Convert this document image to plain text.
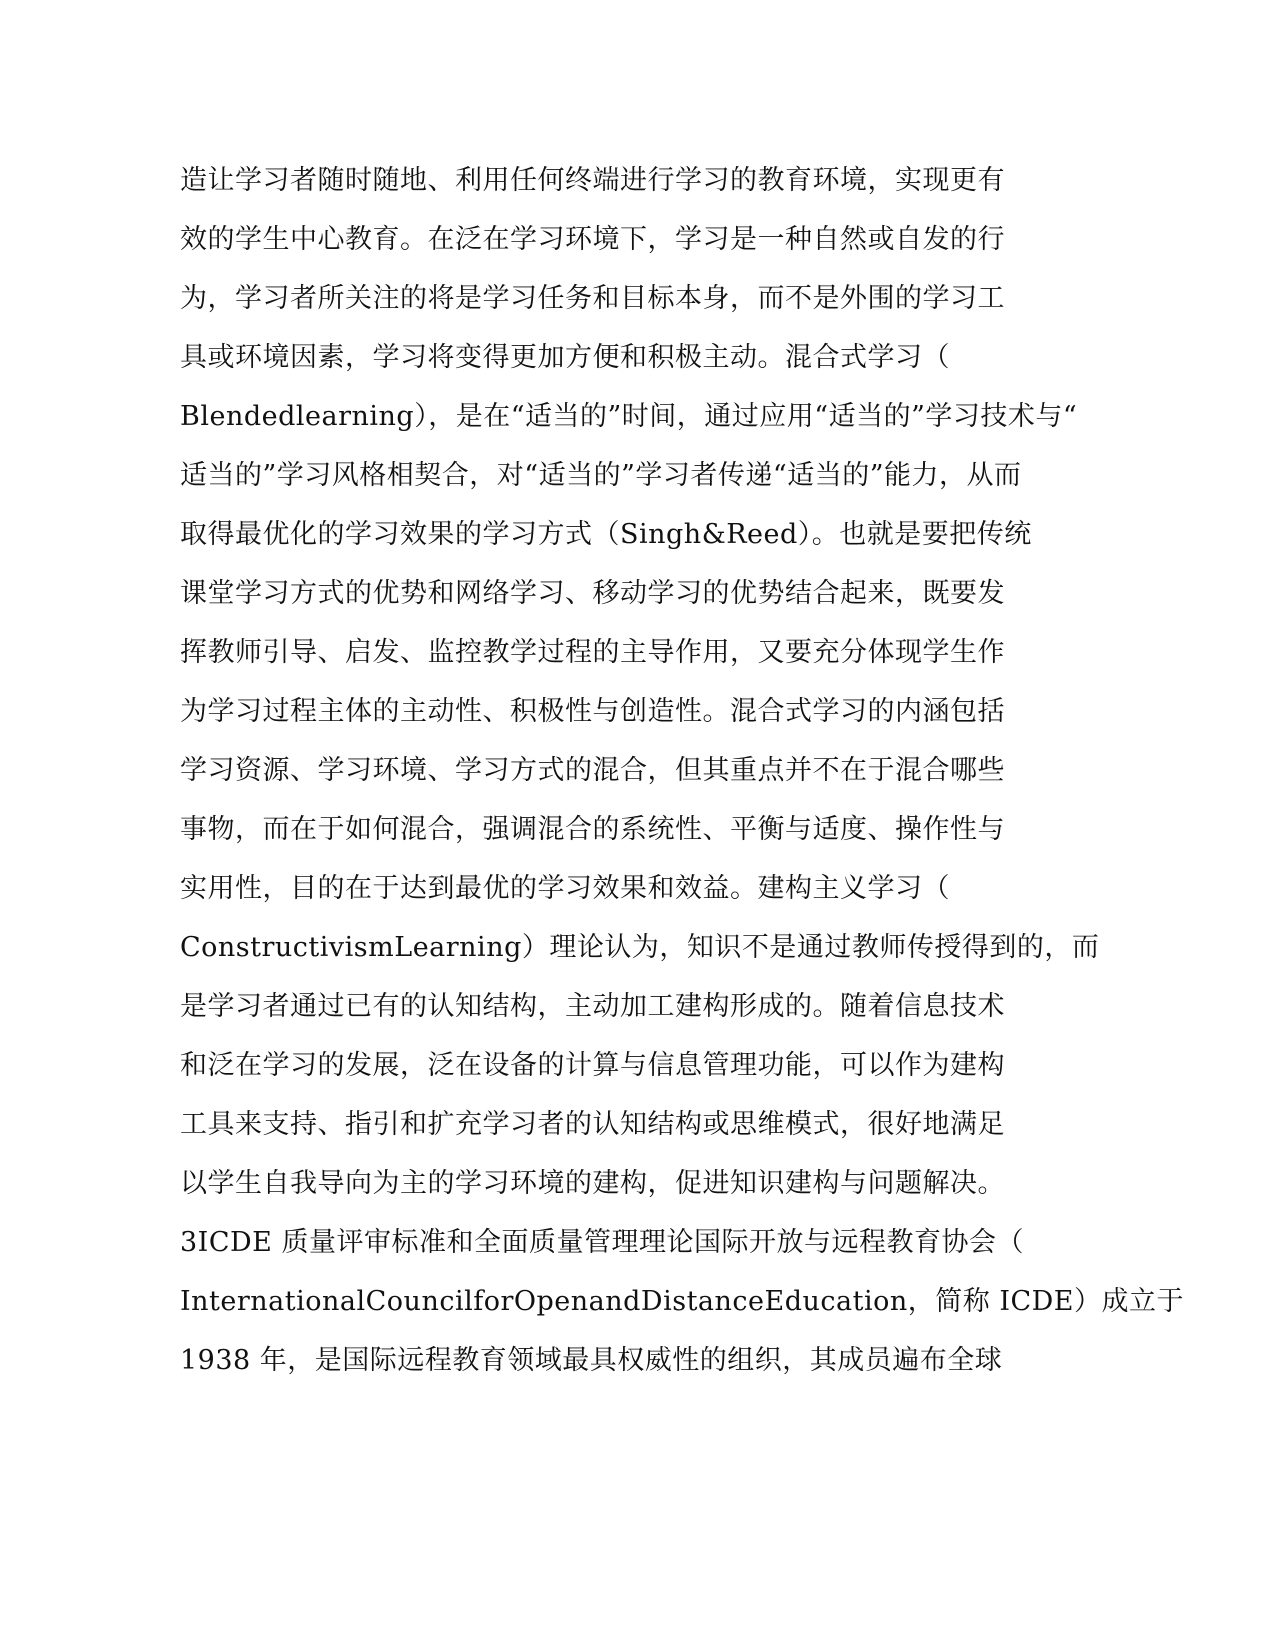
造让学习者随时随地、利用任何终端进行学习的教育环境，实现更有
效的学生中心教育。在泛在学习环境下，学习是一种自然或自发的行
为，学习者所关注的将是学习任务和目标本身，而不是外围的学习工
具或环境因素，学习将变得更加方便和积极主动。混合式学习（
Blendedlearning），是在“适当的”时间，通过应用“适当的”学习技术与“
适当的”学习风格相契合，对“适当的”学习者传递“适当的”能力，从而
取得最优化的学习效果的学习方式（Singh&Reed）。也就是要把传统
课堂学习方式的优势和网络学习、移动学习的优势结合起来，既要发
挥教师引导、启发、监控教学过程的主导作用，又要充分体现学生作
为学习过程主体的主动性、积极性与创造性。混合式学习的内涵包括
学习资源、学习环境、学习方式的混合，但其重点并不在于混合哪些
事物，而在于如何混合，强调混合的系统性、平衡与适度、操作性与
实用性，目的在于达到最优的学习效果和效益。建构主义学习（
ConstructivismLearning）理论认为，知识不是通过教师传授得到的，而
是学习者通过已有的认知结构，主动加工建构形成的。随着信息技术
和泛在学习的发展，泛在设备的计算与信息管理功能，可以作为建构
工具来支持、指引和扩充学习者的认知结构或思维模式，很好地满足
以学生自我导向为主的学习环境的建构，促进知识建构与问题解决。
3ICDE 质量评审标准和全面质量管理理论国际开放与远程教育协会（
InternationalCouncilforOpenandDistanceEducation，简称 ICDE）成立于
1938 年，是国际远程教育领域最具权威性的组织，其成员遍布全球
